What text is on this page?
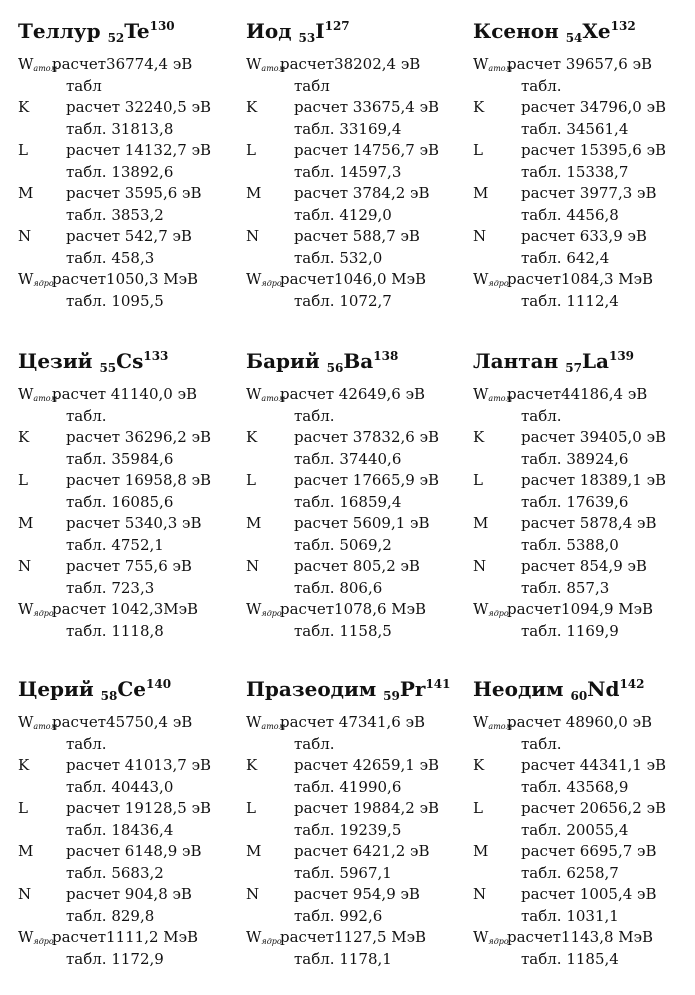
Теллур $_{52}Te^{130}$
$W_{атом}$
расчет36774,4 эВ
табл
K расчет 32240,5 эВ
табл. 31813,8
L	расчет 14132,7 эВ
табл. 13892,6
M расчет 3595,6 эВ
табл. 3853,2
N расчет 542,7 эВ
табл. 458,3
$W_{ядро}$
расчет1050,3 МэВ
табл. 1095,5
Иод $_{53}I^{127}$
$W_{атом}$
расчет38202,4 эВ
табл
K расчет 33675,4 эВ
табл. 33169,4
L	расчет 14756,7 эВ
табл. 14597,3
M расчет 3784,2 эВ
табл. 4129,0
N расчет 588,7 эВ
табл. 532,0
$W_{ядро}$
расчет1046,0 МэВ
табл. 1072,7
Ксенон $_{54}Xe^{132}$
$W_{атом}$
расчет 39657,6 эВ
табл.
K расчет 34796,0 эВ
табл. 34561,4
L	расчет 15395,6 эВ
табл. 15338,7
M расчет 3977,3 эВ
табл. 4456,8
N расчет 633,9 эВ
табл. 642,4
$W_{ядро}$
расчет1084,3 МэВ
табл. 1112,4
Цезий $_{55}Cs^{133}$
$W_{атом}$
расчет 41140,0 эВ
табл.
K расчет 36296,2 эВ
табл. 35984,6
L	расчет 16958,8 эВ
табл. 16085,6
M расчет 5340,3 эВ
табл. 4752,1
N расчет 755,6 эВ
табл. 723,3
$W_{ядро}$
расчет 1042,3МэВ
табл. 1118,8
Барий $_{56}Ba^{138}$
$W_{атом}$
расчет 42649,6 эВ
табл.
K расчет 37832,6 эВ
табл. 37440,6
L	расчет 17665,9 эВ
табл. 16859,4
M расчет 5609,1 эВ
табл. 5069,2
N расчет 805,2 эВ
табл. 806,6
$W_{ядро}$
расчет1078,6 МэВ
табл. 1158,5
Лантан $_{57}La^{139}$
$W_{атом}$
расчет44186,4 эВ
табл.
K расчет 39405,0 эВ
табл. 38924,6
L	расчет 18389,1 эВ
табл. 17639,6
M расчет 5878,4 эВ
табл. 5388,0
N расчет 854,9 эВ
табл. 857,3
$W_{ядро}$
расчет1094,9 МэВ
табл. 1169,9
Церий $_{58}Ce^{140}$
$W_{атом}$
расчет45750,4 эВ
табл.
K расчет 41013,7 эВ
табл. 40443,0
L	расчет 19128,5 эВ
табл. 18436,4
M расчет 6148,9 эВ
табл. 5683,2
N расчет 904,8 эВ
табл. 829,8
$W_{ядро}$
расчет1111,2 МэВ
табл. 1172,9
Празеодим $_{59}Pr^{141}$
$W_{атом}$
расчет 47341,6 эВ
табл.
K расчет 42659,1 эВ
табл. 41990,6
L	расчет 19884,2 эВ
табл. 19239,5
M расчет 6421,2 эВ
табл. 5967,1
N расчет 954,9 эВ
табл. 992,6
$W_{ядро}$
расчет1127,5 МэВ
табл. 1178,1
Неодим $_{60}Nd^{142}$
$W_{атом}$
расчет 48960,0 эВ
табл.
K расчет 44341,1 эВ
табл. 43568,9
L	расчет 20656,2 эВ
табл. 20055,4
M расчет 6695,7 эВ
табл. 6258,7
N расчет 1005,4 эВ
табл. 1031,1
$W_{ядро}$
расчет1143,8 МэВ
табл. 1185,4
